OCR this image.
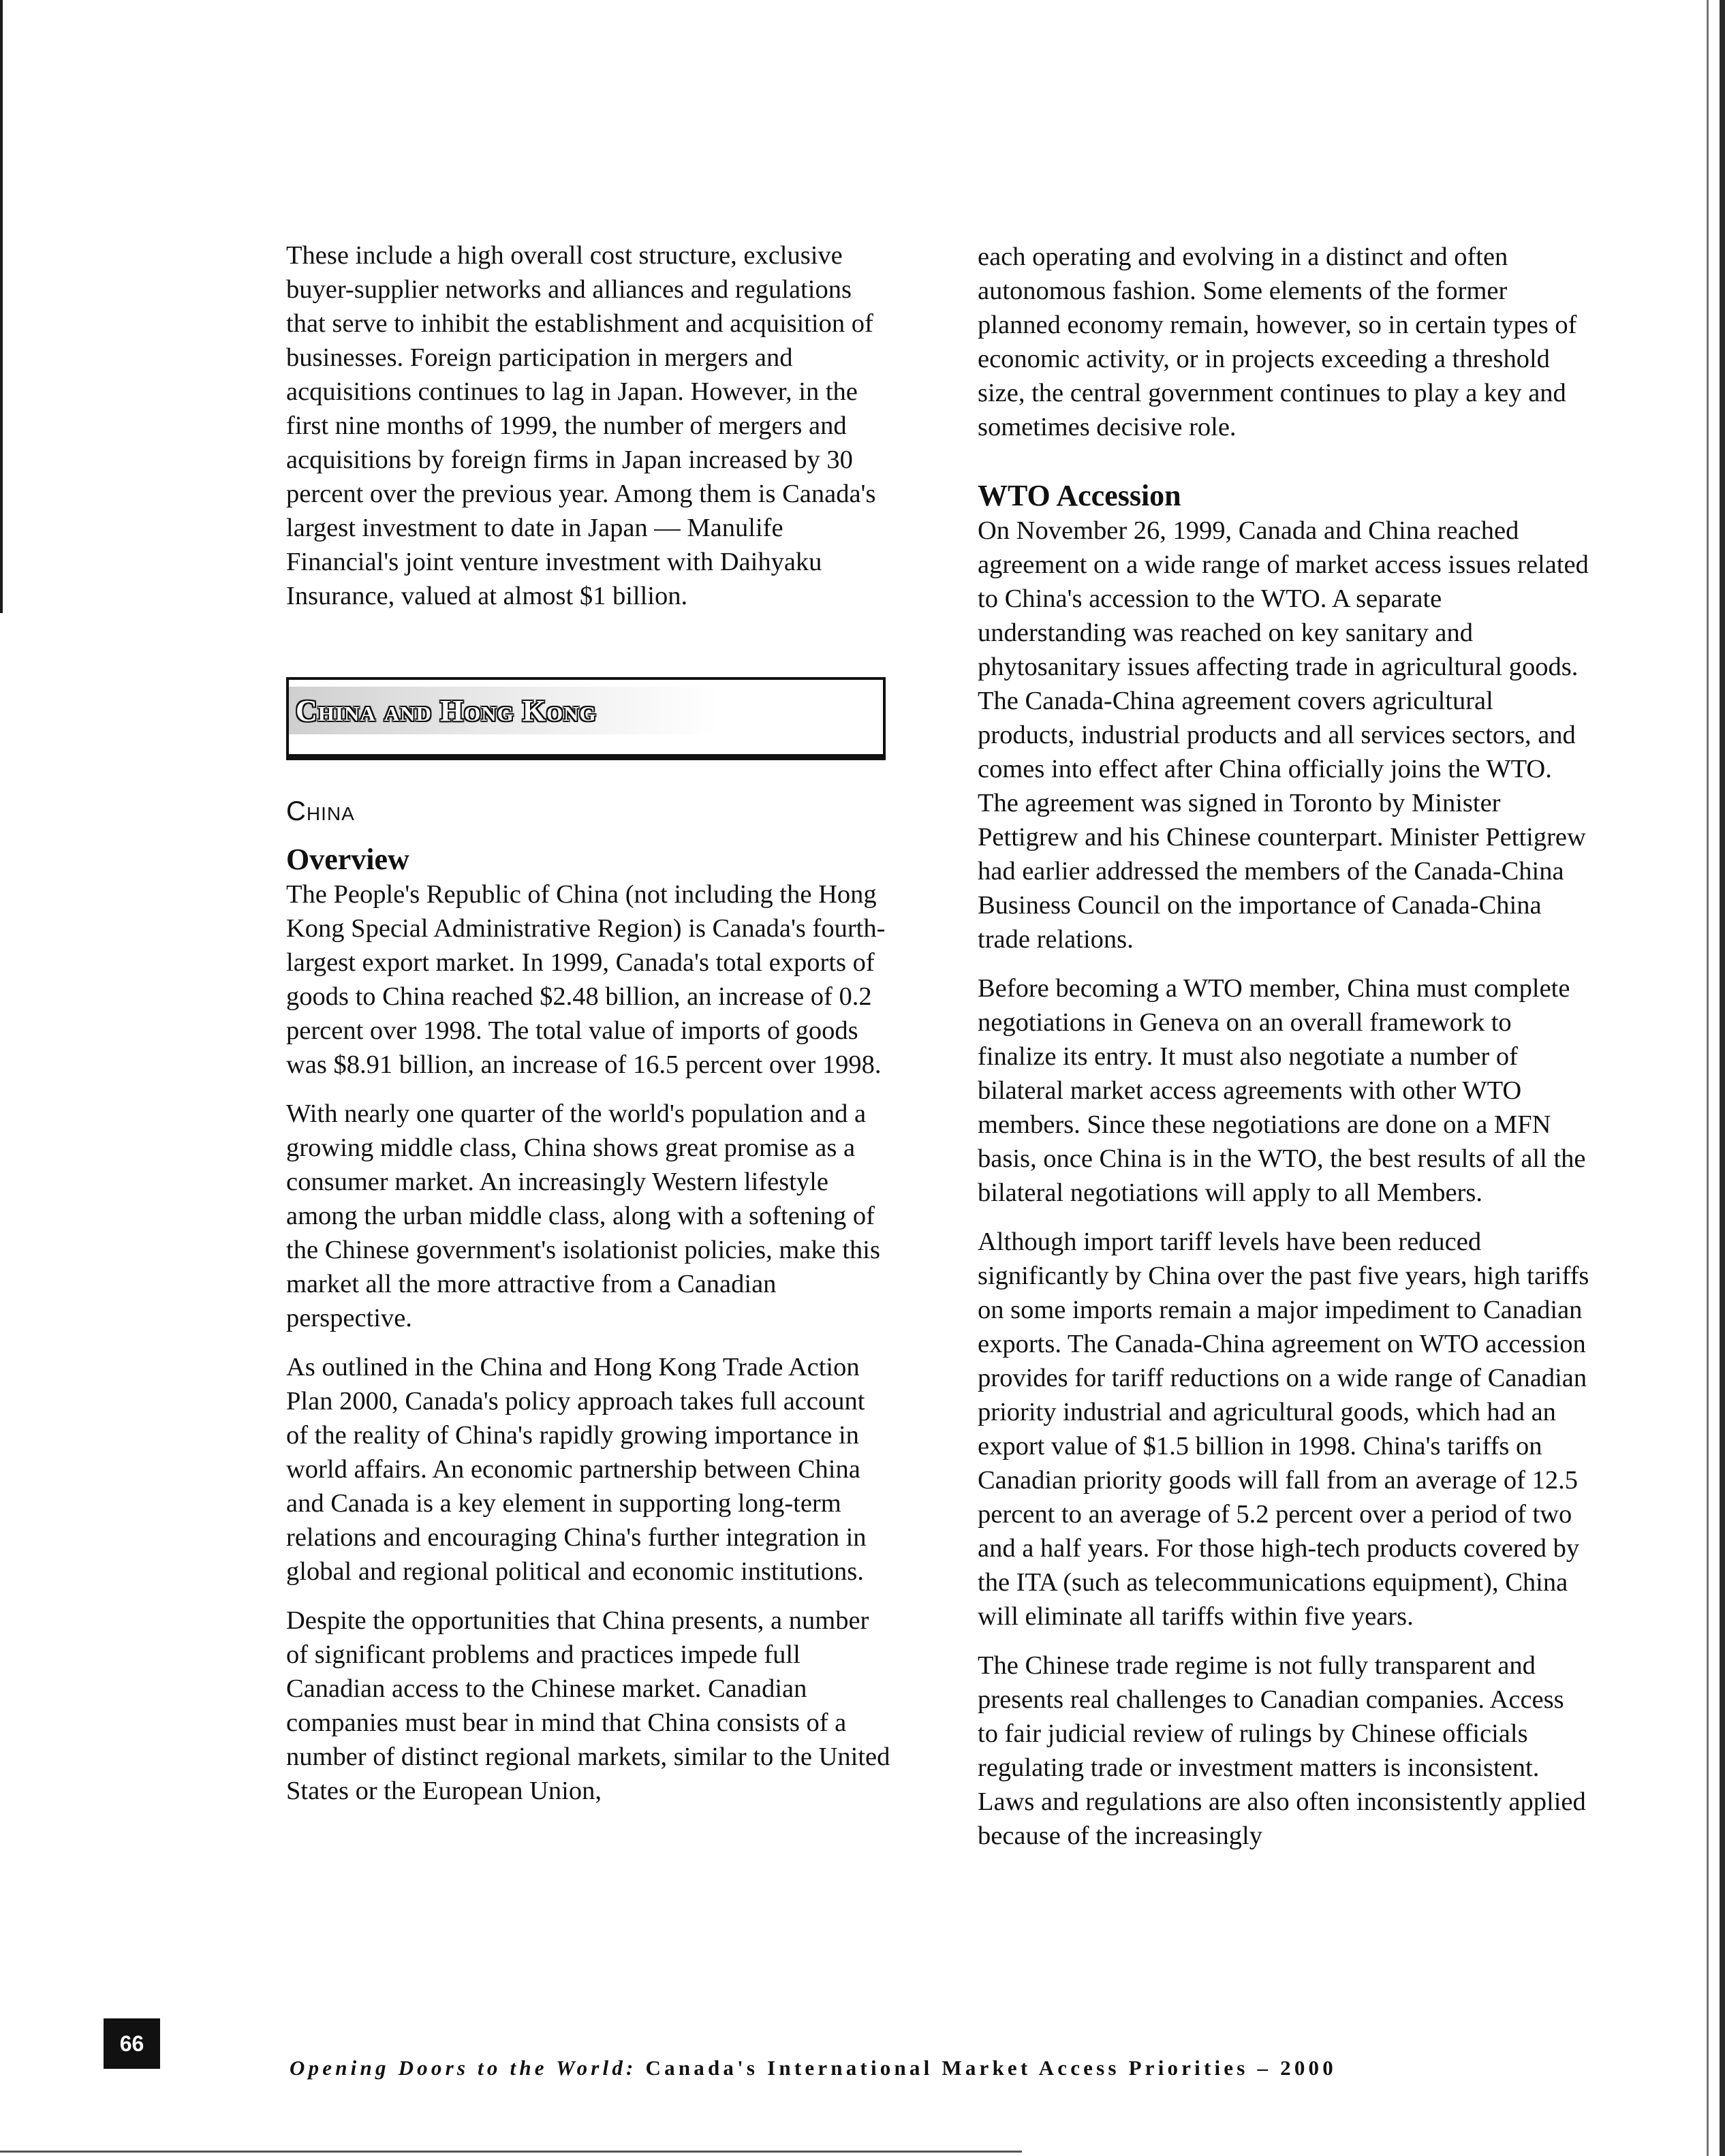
These include a high overall cost structure, exclusive buyer-supplier networks and alliances and regulations that serve to inhibit the establishment and acquisition of businesses. Foreign participation in mergers and acquisitions continues to lag in Japan. However, in the first nine months of 1999, the number of mergers and acquisitions by foreign firms in Japan increased by 30 percent over the previous year. Among them is Canada's largest investment to date in Japan — Manulife Financial's joint venture investment with Daihyaku Insurance, valued at almost $1 billion.

China and Hong Kong
China
Overview

The People's Republic of China (not including the Hong Kong Special Administrative Region) is Canada's fourth-largest export market. In 1999, Canada's total exports of goods to China reached $2.48 billion, an increase of 0.2 percent over 1998. The total value of imports of goods was $8.91 billion, an increase of 16.5 percent over 1998.

With nearly one quarter of the world's population and a growing middle class, China shows great promise as a consumer market. An increasingly Western lifestyle among the urban middle class, along with a softening of the Chinese government's isolationist policies, make this market all the more attractive from a Canadian perspective.

As outlined in the China and Hong Kong Trade Action Plan 2000, Canada's policy approach takes full account of the reality of China's rapidly growing importance in world affairs. An economic partnership between China and Canada is a key element in supporting long-term relations and encouraging China's further integration in global and regional political and economic institutions.

Despite the opportunities that China presents, a number of significant problems and practices impede full Canadian access to the Chinese market. Canadian companies must bear in mind that China consists of a number of distinct regional markets, similar to the United States or the European Union,

each operating and evolving in a distinct and often autonomous fashion. Some elements of the former planned economy remain, however, so in certain types of economic activity, or in projects exceeding a threshold size, the central government continues to play a key and sometimes decisive role.

WTO Accession

On November 26, 1999, Canada and China reached agreement on a wide range of market access issues related to China's accession to the WTO. A separate understanding was reached on key sanitary and phytosanitary issues affecting trade in agricultural goods. The Canada-China agreement covers agricultural products, industrial products and all services sectors, and comes into effect after China officially joins the WTO. The agreement was signed in Toronto by Minister Pettigrew and his Chinese counterpart. Minister Pettigrew had earlier addressed the members of the Canada-China Business Council on the importance of Canada-China trade relations.

Before becoming a WTO member, China must complete negotiations in Geneva on an overall framework to finalize its entry. It must also negotiate a number of bilateral market access agreements with other WTO members. Since these negotiations are done on a MFN basis, once China is in the WTO, the best results of all the bilateral negotiations will apply to all Members.

Although import tariff levels have been reduced significantly by China over the past five years, high tariffs on some imports remain a major impediment to Canadian exports. The Canada-China agreement on WTO accession provides for tariff reductions on a wide range of Canadian priority industrial and agricultural goods, which had an export value of $1.5 billion in 1998. China's tariffs on Canadian priority goods will fall from an average of 12.5 percent to an average of 5.2 percent over a period of two and a half years. For those high-tech products covered by the ITA (such as telecommunications equipment), China will eliminate all tariffs within five years.

The Chinese trade regime is not fully transparent and presents real challenges to Canadian companies. Access to fair judicial review of rulings by Chinese officials regulating trade or investment matters is inconsistent. Laws and regulations are also often inconsistently applied because of the increasingly

66
Opening Doors to the World: Canada's International Market Access Priorities – 2000
